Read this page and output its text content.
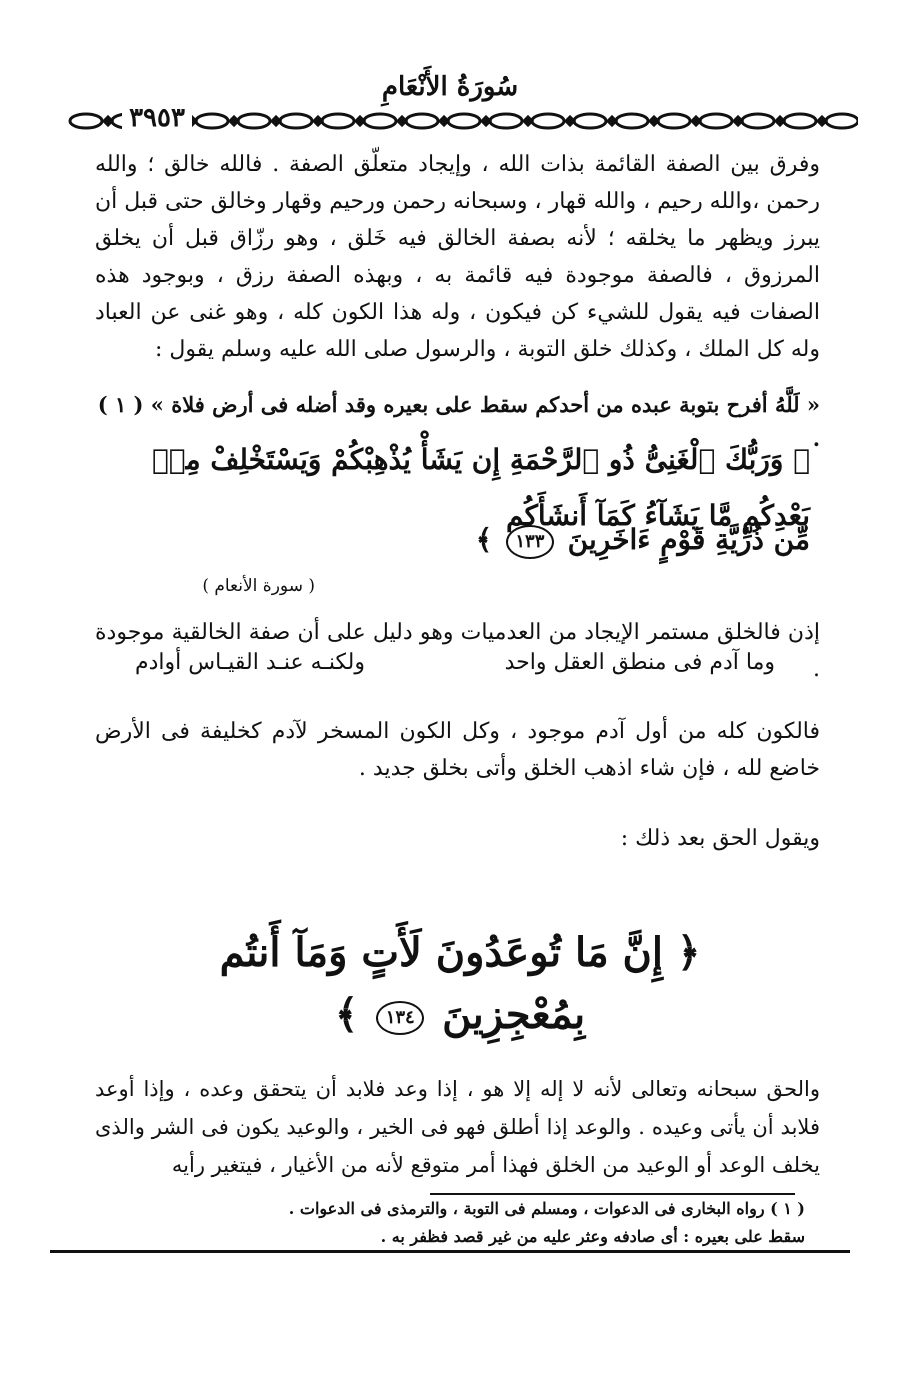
سُورَةُ الأَنْعَامِ
٣٩٥٣

وفرق بين الصفة القائمة بذات الله ، وإيجاد متعلّق الصفة . فالله خالق ؛ والله رحمن ،والله رحيم ، والله قهار ، وسبحانه رحمن ورحيم وقهار وخالق حتى قبل أن يبرز ويظهر ما يخلقه ؛ لأنه بصفة الخالق فيه خَلق ، وهو رزّاق قبل أن يخلق المرزوق ، فالصفة موجودة فيه قائمة به ، وبهذه الصفة رزق ، وبوجود هذه الصفات فيه يقول للشيء كن فيكون ، وله هذا الكون كله ، وهو غنى عن العباد وله كل الملك ، وكذلك خلق التوبة ، والرسول صلى الله عليه وسلم يقول :

« لَلَّهُ أفرح بتوبة عبده من أحدكم سقط على بعيره وقد أضله فى أرض فلاة » ( ١ ) .
﴿ وَرَبُّكَ ٱلْغَنِىُّ ذُو ٱلرَّحْمَةِ إِن يَشَأْ يُذْهِبْكُمْ وَيَسْتَخْلِفْ مِنۢ بَعْدِكُم مَّا يَشَآءُ كَمَآ أَنشَأَكُم
مِّن ذُرِّيَّةِ قَوْمٍ ءَاخَرِينَ ١٣٣ ﴾
( سورة الأنعام )

إذن فالخلق مستمر الإيجاد من العدميات وهو دليل على أن صفة الخالقية موجودة .

وما آدم فى منطق العقل واحد
ولكنـه عنـد القيـاس أوادم

فالكون كله من أول آدم موجود ، وكل الكون المسخر لآدم كخليفة فى الأرض خاضع لله ، فإن شاء اذهب الخلق وأتى بخلق جديد .

ويقول الحق بعد ذلك :

﴿ إِنَّ مَا تُوعَدُونَ لَأَتٍ وَمَآ أَنتُم
بِمُعْجِزِينَ ١٣٤ ﴾

والحق سبحانه وتعالى لأنه لا إله إلا هو ، إذا وعد فلابد أن يتحقق وعده ، وإذا أوعد فلابد أن يأتى وعيده . والوعد إذا أطلق فهو فى الخير ، والوعيد يكون فى الشر والذى يخلف الوعد أو الوعيد من الخلق فهذا أمر متوقع لأنه من الأغيار ، فيتغير رأيه

( ١ ) رواه البخارى فى الدعوات ، ومسلم فى التوبة ، والترمذى فى الدعوات .
سقط على بعيره : أى صادفه وعثر عليه من غير قصد فظفر به .
